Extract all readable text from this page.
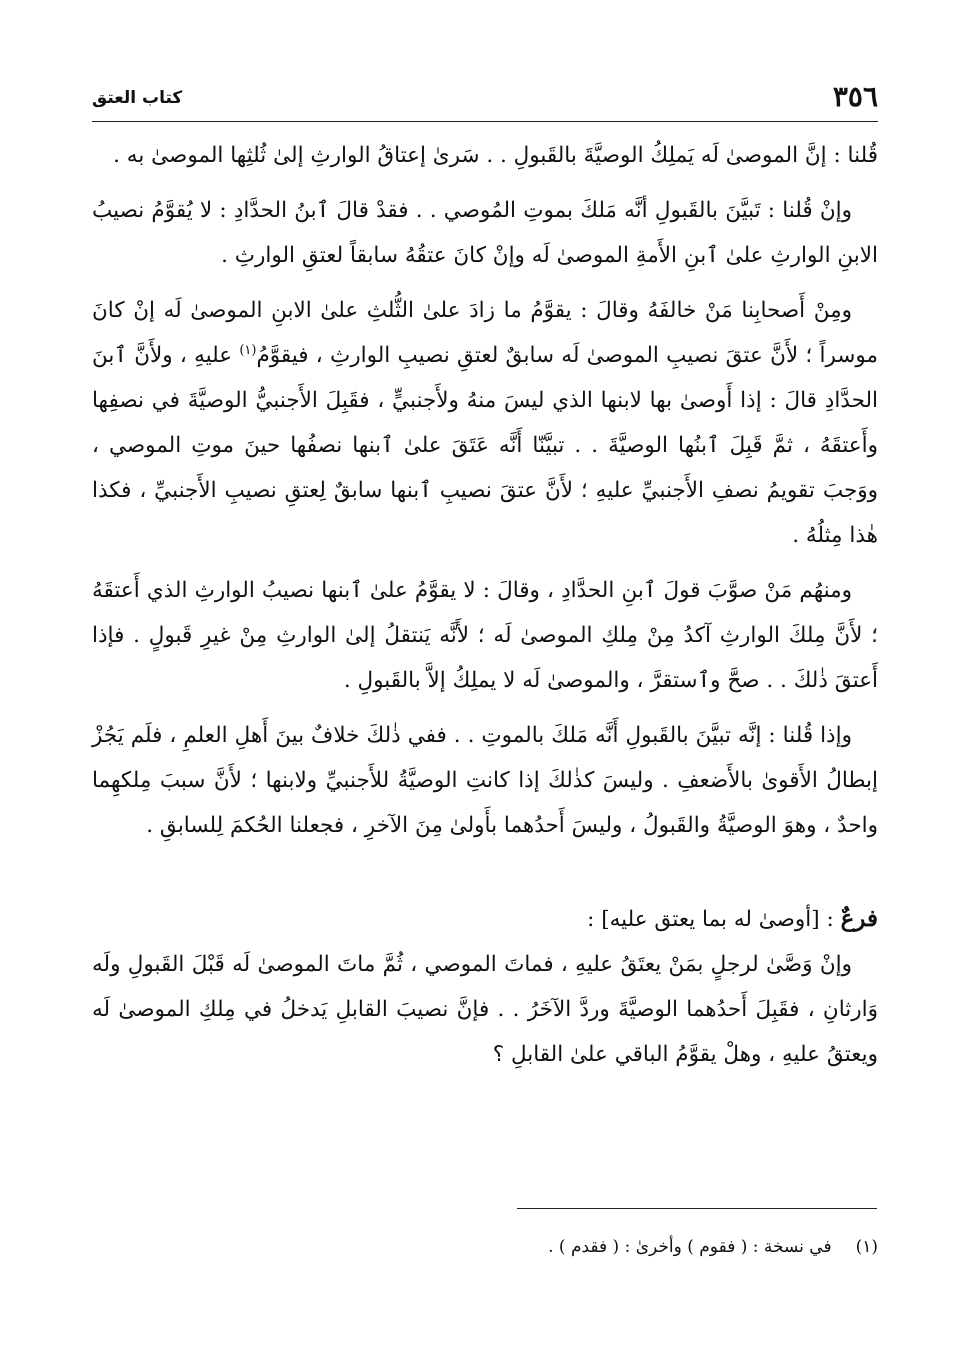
٣٥٦
كتاب العتق

قُلنا : إنَّ الموصىٰ لَه يَملِكُ الوصيَّةَ بالقَبولِ . . سَرىٰ إعتاقُ الوارثِ إلىٰ ثُلثِها الموصىٰ به .

وإنْ قُلنا : تَبيَّنَ بالقَبولِ أنَّه مَلكَ بموتِ المُوصي . . فقدْ قالَ ٱبنُ الحدَّادِ : لا يُقوَّمُ نصيبُ الابنِ الوارثِ علىٰ ٱبنِ الأَمةِ الموصىٰ لَه وإنْ كانَ عتقُهُ سابقاً لعتقِ الوارثِ .

ومِنْ أَصحابِنا مَنْ خالفَهُ وقالَ : يقوَّمُ ما زادَ علىٰ الثُّلثِ علىٰ الابنِ الموصىٰ لَه إنْ كانَ موسراً ؛ لأَنَّ عتقَ نصيبِ الموصىٰ لَه سابقٌ لعتقِ نصيبِ الوارثِ ، فيقوَّمُ$^{(١)}$ عليهِ ، ولأَنَّ ٱبنَ الحدَّادِ قالَ : إذا أَوصىٰ بها لابنها الذي ليسَ منهُ ولأَجنبيٍّ ، فقَبِلَ الأَجنبيُّ الوصيَّةَ في نصفِها وأَعتقَهُ ، ثمَّ قَبِلَ ٱبنُها الوصيَّةَ . . تبيَّنّا أَنَّه عَتَقَ علىٰ ٱبنها نصفُها حينَ موتِ الموصي ، ووَجبَ تقويمُ نصفِ الأَجنبيِّ عليهِ ؛ لأَنَّ عتقَ نصيبِ ٱبنها سابقٌ لِعتقِ نصيبِ الأَجنبيِّ ، فكذا هٰذا مِثلُهُ .

ومنهُم مَنْ صوَّبَ قولَ ٱبنِ الحدَّادِ ، وقالَ : لا يقوَّمُ علىٰ ٱبنها نصيبُ الوارثِ الذي أَعتقَهُ ؛ لأَنَّ مِلكَ الوارثِ آكدُ مِنْ مِلكِ الموصىٰ لَه ؛ لأَنَّه يَنتقلُ إلىٰ الوارثِ مِنْ غيرِ قَبولٍ . فإذا أَعتقَ ذٰلكَ . . صحَّ وٱستقرَّ ، والموصىٰ لَه لا يملِكُ إلاَّ بالقَبولِ .

وإذا قُلنا : إنَّه تبيَّنَ بالقَبولِ أَنَّه مَلكَ بالموتِ . . ففي ذٰلكَ خلافٌ بينَ أَهلِ العلمِ ، فلَم يَجُزْ إبطالُ الأَقوىٰ بالأَضعفِ . وليسَ كذٰلكَ إذا كانتِ الوصيَّةُ للأَجنبيِّ ولابنها ؛ لأَنَّ سببَ مِلكهِما واحدٌ ، وهوَ الوصيَّةُ والقَبولُ ، وليسَ أَحدُهما بأَولىٰ مِنَ الآخرِ ، فجعلنا الحُكمَ لِلسابقِ .

فرعٌ : [أوصىٰ له بما يعتق عليه] :

وإنْ وَصَّىٰ لرجلٍ بمَنْ يعتَقُ عليهِ ، فماتَ الموصي ، ثُمَّ ماتَ الموصىٰ لَه قَبْلَ القَبولِ ولَه وَارثانِ ، فقَبِلَ أَحدُهما الوصيَّةَ وردَّ الآخَرُ . . فإنَّ نصيبَ القابلِ يَدخلُ في مِلكِ الموصىٰ لَه ويعتقُ عليهِ ، وهلْ يقوَّمُ الباقي علىٰ القابلِ ؟

(١)في نسخة : ( فقوم ) وأخرىٰ : ( فقدم ) .
